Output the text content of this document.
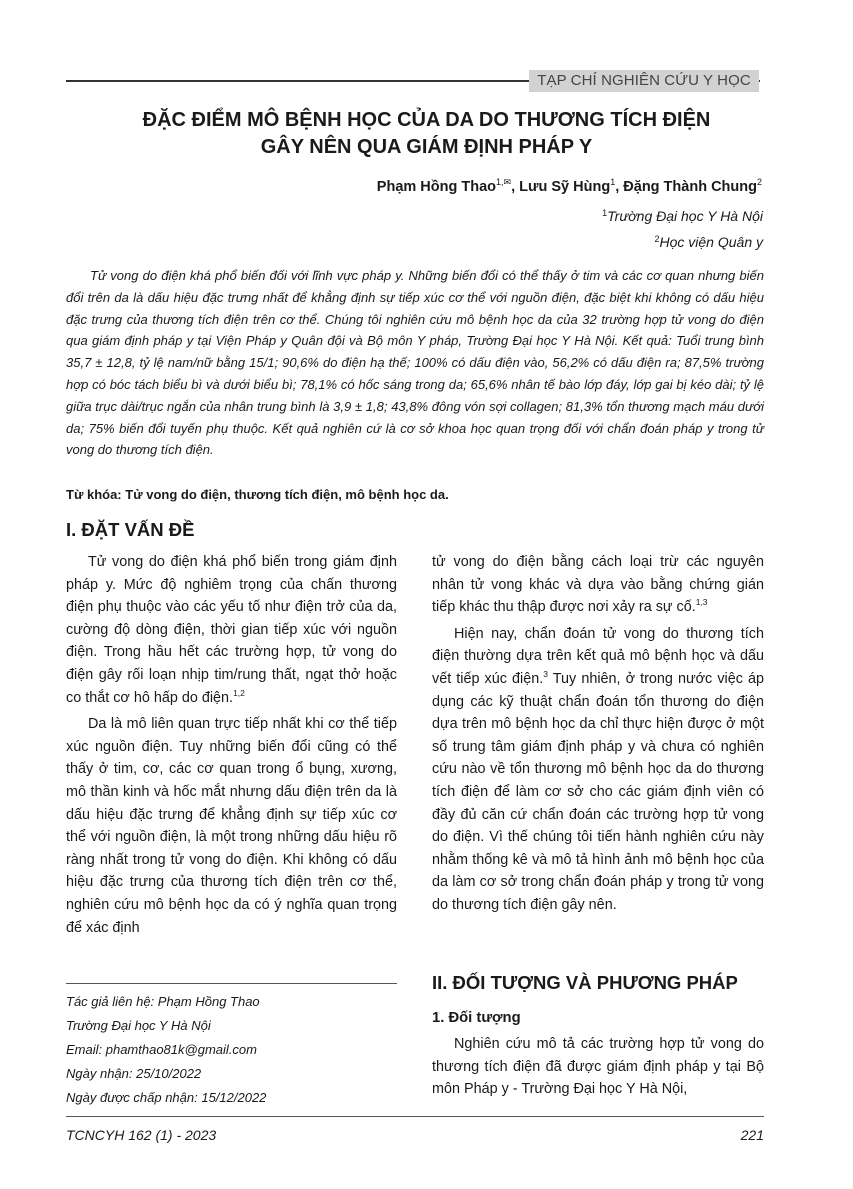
TẠP CHÍ NGHIÊN CỨU Y HỌC
ĐẶC ĐIỂM MÔ BỆNH HỌC CỦA DA DO THƯƠNG TÍCH ĐIỆN
GÂY NÊN QUA GIÁM ĐỊNH PHÁP Y
Phạm Hồng Thao$^{1,✉}$, Lưu Sỹ Hùng$^1$, Đặng Thành Chung$^2$
$^1$Trường Đại học Y Hà Nội
$^2$Học viện Quân y

Tử vong do điện khá phổ biến đối với lĩnh vực pháp y. Những biến đổi có thể thấy ở tim và các cơ quan nhưng biến đổi trên da là dấu hiệu đặc trưng nhất để khẳng định sự tiếp xúc cơ thể với nguồn điện, đặc biệt khi không có dấu hiệu đặc trưng của thương tích điện trên cơ thể. Chúng tôi nghiên cứu mô bệnh học da của 32 trường hợp tử vong do điện qua giám định pháp y tại Viện Pháp y Quân đội và Bộ môn Y pháp, Trường Đại học Y Hà Nội. Kết quả: Tuổi trung bình 35,7 ± 12,8, tỷ lệ nam/nữ bằng 15/1; 90,6% do điện hạ thế; 100% có dấu điện vào, 56,2% có dấu điện ra; 87,5% trường hợp có bóc tách biểu bì và dưới biểu bì; 78,1% có hốc sáng trong da; 65,6% nhân tế bào lớp đáy, lớp gai bị kéo dài; tỷ lệ giữa trục dài/trục ngắn của nhân trung bình là 3,9 ± 1,8; 43,8% đông vón sợi collagen; 81,3% tổn thương mạch máu dưới da; 75% biến đổi tuyến phụ thuộc. Kết quả nghiên cứ là cơ sở khoa học quan trọng đối với chẩn đoán pháp y trong tử vong do thương tích điện.

Từ khóa: Tử vong do điện, thương tích điện, mô bệnh học da.

I. ĐẶT VẤN ĐỀ

Tử vong do điện khá phổ biến trong giám định pháp y. Mức độ nghiêm trọng của chấn thương điện phụ thuộc vào các yếu tố như điện trở của da, cường độ dòng điện, thời gian tiếp xúc với nguồn điện. Trong hầu hết các trường hợp, tử vong do điện gây rối loạn nhịp tim/rung thất, ngạt thở hoặc co thắt cơ hô hấp do điện.$^{1,2}$

Da là mô liên quan trực tiếp nhất khi cơ thể tiếp xúc nguồn điện. Tuy những biến đổi cũng có thể thấy ở tim, cơ, các cơ quan trong ổ bụng, xương, mô thần kinh và hốc mắt nhưng dấu điện trên da là dấu hiệu đặc trưng để khẳng định sự tiếp xúc cơ thể với nguồn điện, là một trong những dấu hiệu rõ ràng nhất trong tử vong do điện. Khi không có dấu hiệu đặc trưng của thương tích điện trên cơ thể, nghiên cứu mô bệnh học da có ý nghĩa quan trọng để xác định

Tác giả liên hệ: Phạm Hồng Thao
Trường Đại học Y Hà Nội
Email: phamthao81k@gmail.com
Ngày nhận: 25/10/2022
Ngày được chấp nhận: 15/12/2022

tử vong do điện bằng cách loại trừ các nguyên nhân tử vong khác và dựa vào bằng chứng gián tiếp khác thu thập được nơi xảy ra sự cố.$^{1,3}$

Hiện nay, chẩn đoán tử vong do thương tích điện thường dựa trên kết quả mô bệnh học và dấu vết tiếp xúc điện.$^3$ Tuy nhiên, ở trong nước việc áp dụng các kỹ thuật chẩn đoán tổn thương do điện dựa trên mô bệnh học da chỉ thực hiện được ở một số trung tâm giám định pháp y và chưa có nghiên cứu nào về tổn thương mô bệnh học da do thương tích điện để làm cơ sở cho các giám định viên có đầy đủ căn cứ chẩn đoán các trường hợp tử vong do điện. Vì thế chúng tôi tiến hành nghiên cứu này nhằm thống kê và mô tả hình ảnh mô bệnh học của da làm cơ sở trong chẩn đoán pháp y trong tử vong do thương tích điện gây nên.

II. ĐỐI TƯỢNG VÀ PHƯƠNG PHÁP
1. Đối tượng

Nghiên cứu mô tả các trường hợp tử vong do thương tích điện đã được giám định pháp y tại Bộ môn Pháp y - Trường Đại học Y Hà Nội,

TCNCYH 162 (1) - 2023	221
